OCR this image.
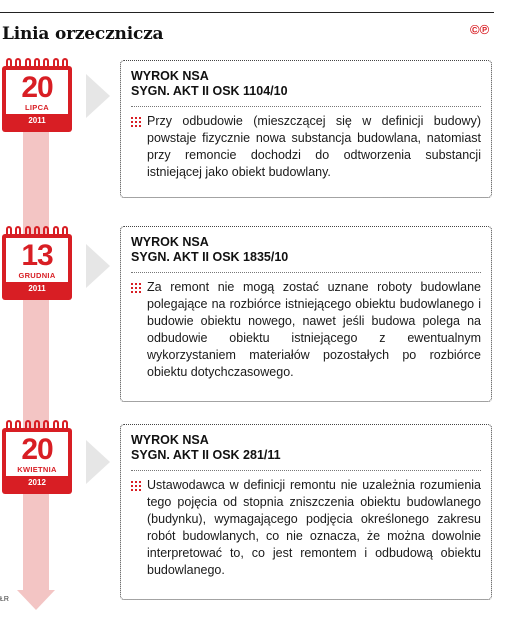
Linia orzecznicza	©℗
ŁR
20
LIPCA
2011
WYROK NSA
SYGN. AKT II OSK 1104/10
Przy odbudowie (mieszczącej się w definicji budowy) powstaje fizycznie nowa substancja budowlana, natomiast przy remoncie dochodzi do odtworzenia substancji istniejącej jako obiekt budowlany.
13
GRUDNIA
2011
WYROK NSA
SYGN. AKT II OSK 1835/10
Za remont nie mogą zostać uznane roboty budowlane polegające na rozbiórce istniejącego obiektu budowlanego i budowie obiektu nowego, nawet jeśli budowa polega na odbudowie obiektu istniejącego z ewentualnym wykorzystaniem materiałów pozostałych po rozbiórce obiektu dotychczasowego.
20
KWIETNIA
2012
WYROK NSA
SYGN. AKT II OSK 281/11
Ustawodawca w definicji remontu nie uzależnia rozumienia tego pojęcia od stopnia zniszczenia obiektu budowlanego (budynku), wymagającego podjęcia określonego zakresu robót budowlanych, co nie oznacza, że można dowolnie interpretować to, co jest remontem i odbudową obiektu budowlanego.
